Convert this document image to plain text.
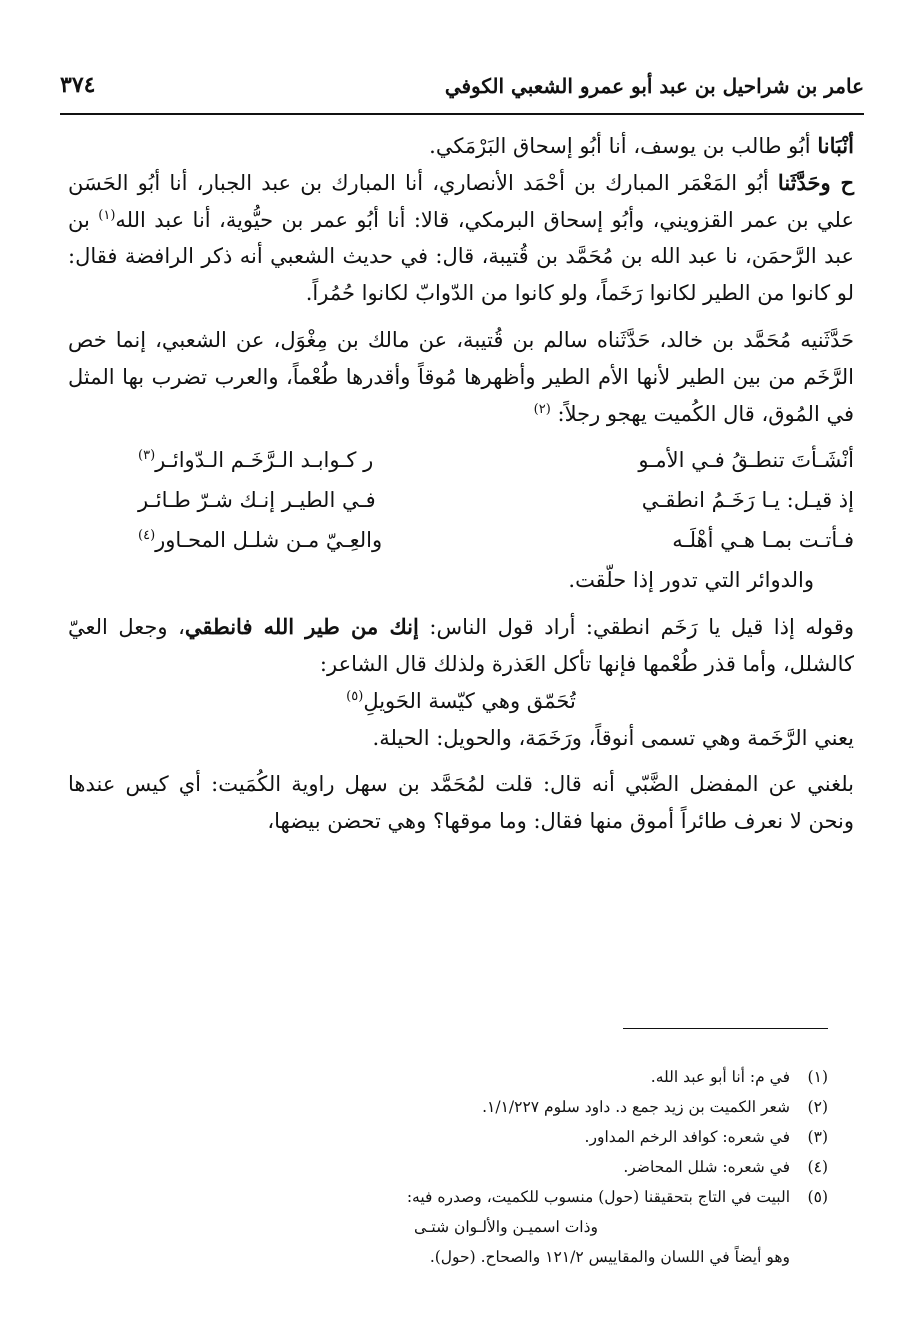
عامر بن شراحيل بن عبد أبو عمرو الشعبي الكوفي
٣٧٤

أنْبَانا أبُو طالب بن يوسف، أنا أبُو إسحاق البَرْمَكي.

ح وحَدَّثَنا أبُو المَعْمَر المبارك بن أحْمَد الأنصاري، أنا المبارك بن عبد الجبار، أنا أبُو الحَسَن علي بن عمر القزويني، وأبُو إسحاق البرمكي، قالا: أنا أبُو عمر بن حيُّوية، أنا عبد الله$^{(١)}$ بن عبد الرَّحمَن، نا عبد الله بن مُحَمَّد بن قُتيبة، قال: في حديث الشعبي أنه ذكر الرافضة فقال: لو كانوا من الطير لكانوا رَخَماً، ولو كانوا من الدّوابّ لكانوا حُمُراً.

حَدَّثَنيه مُحَمَّد بن خالد، حَدَّثَناه سالم بن قُتيبة، عن مالك بن مِغْوَل، عن الشعبي، إنما خص الرَّخَم من بين الطير لأنها الأم الطير وأظهرها مُوقاً وأقدرها طُعْماً، والعرب تضرب بها المثل في المُوق، قال الكُميت يهجو رجلاً: $^{(٢)}$

أنْشَـأتَ تنطـقُ فـي الأمـو
ر كـوابـد الـرَّخَـم الـدّوائـر$^{(٣)}$
إذ قيـل: يـا رَخَـمُ انطقـي
فـي الطيـر إنـك شـرّ طـائـر
فـأتـت بمـا هـي أهْلَـه
والعِـيّ مـن شلـل المحـاور$^{(٤)}$

والدوائر التي تدور إذا حلّقت.

وقوله إذا قيل يا رَخَم انطقي: أراد قول الناس: إنك من طير الله فانطقي، وجعل العيّ كالشلل، وأما قذر طُعْمها فإنها تأكل العَذرة ولذلك قال الشاعر:

تُحَمّق وهي كيّسة الحَويلِ$^{(٥)}$

يعني الرَّخَمة وهي تسمى أنوقاً، ورَخَمَة، والحويل: الحيلة.

بلغني عن المفضل الضَّبّي أنه قال: قلت لمُحَمَّد بن سهل راوية الكُمَيت: أي كيس عندها ونحن لا نعرف طائراً أموق منها فقال: وما موقها؟ وهي تحضن بيضها،

(١)
في م: أنا أبو عبد الله.
(٢)
شعر الكميت بن زيد جمع د. داود سلوم ١/١/٢٢٧.
(٣)
في شعره: كوافد الرخم المداور.
(٤)
في شعره: شلل المحاضر.
(٥)
البيت في التاج بتحقيقنا (حول) منسوب للكميت، وصدره فيه:
وذات اسميـن والألـوان شتـى
وهو أيضاً في اللسان والمقاييس ١٢١/٢ والصحاح. (حول).
